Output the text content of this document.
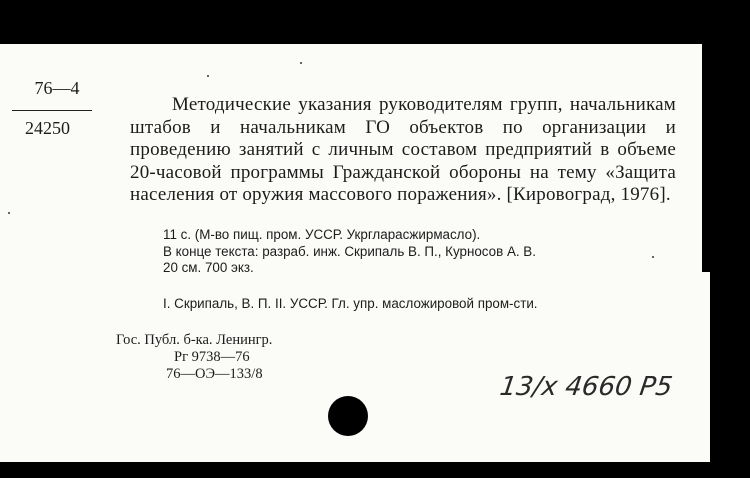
76—4
24250

Методические указания руководителям групп, начальникам штабов и начальникам ГО объектов по организации и проведению занятий с личным составом предприятий в объеме 20-часовой программы Гражданской обороны на тему «Защита населения от оружия массового поражения». [Кировоград, 1976].

11 с. (М-во пищ. пром. УССР. Укргларасжирмасло).
В конце текста: разраб. инж. Скрипаль В. П., Курносов А. В.
20 см. 700 экз.
I. Скрипаль, В. П. II. УССР. Гл. упр. масложировой пром-сти.
Гос. Публ. б-ка. Ленингр.
Рг 9738—76
76—ОЭ—133/8	13/х 4660 Р5
